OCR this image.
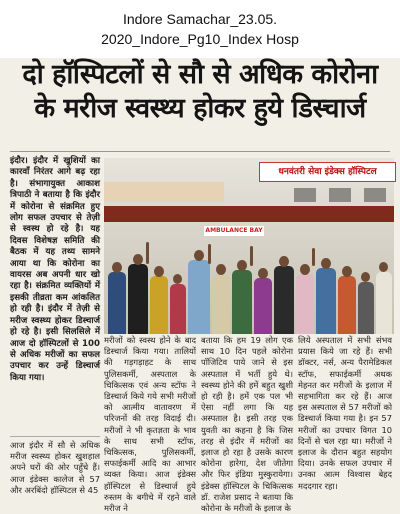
Indore Samachar_23.05.
2020_Indore_Pg10_Index Hosp
दो हॉस्पिटलों से सौ से अधिक कोरोना
के मरीज स्वस्थ्य होकर हुये डिस्चार्ज
इंदौर। इंदौर में खुशियों का कारवाँ निरंतर आगे बढ़ रहा है। संभागायुक्त आकाश त्रिपाठी ने बताया है कि इंदौर में कोरोना से संक्रमित हुए लोग सफल उपचार से तेज़ी से स्वस्थ हो रहे है। यह दिवस विशेषज्ञ समिति की बैठक में यह तथ्य सामने आया था कि कोरोना का वायरस अब अपनी धार खो रहा है। संक्रमित व्यक्तियों में इसकी तीव्रता कम आंकलित हो रही है। इंदौर में तेज़ी से मरीज स्वस्थ्य होकर डिस्चार्ज हो रहे है। इसी सिलसिले में आज दो हॉस्पिटलों से 100 से अधिक मरीजों का सफल उपचार कर उन्हें डिस्चार्ज किया गया।
धनवंतरी सेवा इंडेक्स हॉस्पिटल
AMBULANCE BAY
आज इंदौर में सौ से अधिक मरीज स्वस्थ्य होकर खुशहाल अपने घरों की ओर पहुँचे हैं। आज इंडेक्स कालेज से 57 और अरबिंदो हॉस्पिटल से 45
मरीजों को स्वस्थ होने के बाद डिस्चार्ज किया गया। तालियों की गड़गड़ाहट के साथ पुलिसकर्मी, अस्पताल के चिकित्सक एवं अन्य स्टॉफ ने डिस्चार्ज किये गये सभी मरीजों को आत्मीय वातावरण में परिजनों की तरह विदाई दी। मरीजों ने भी कृतज्ञता के भाव के साथ सभी स्टॉफ, चिकित्सक, पुलिसकर्मी, सफाईकर्मी आदि का आभार व्यक्त किया। आज इंडेक्स हॉस्पिटल से डिस्चार्ज हुये रुस्तम के बगीचे में रहने वाले मरीज ने
बताया कि हम 19 लोग एक साथ 10 दिन पहले कोरोना पॉजिटिव पाये जाने से इस अस्पताल में भर्ती हुये थे। स्वस्थ्य होने की हमें बहुत खुशी हो रही है। हमें एक पल भी ऐसा नहीं लगा कि यह अस्पताल है। इसी तरह एक युवती का कहना है कि जिस तरह से इंदौर में मरीजों का इलाज हो रहा है उसके कारण कोरोना हारेगा, देश जीतेगा और फिर इंडिया मुस्कुरायेगा। इंडेक्स हॉस्पिटल के चिकित्सक डॉ. राजेश प्रसाद ने बताया कि कोरोना के मरीजों के इलाज के
लिये अस्पताल में सभी संभव प्रयास किये जा रहे हैं। सभी डॉक्टर, नर्स, अन्य पैरामेडिकल स्टॉफ, सफाईकर्मी अथक मेहनत कर मरीजों के इलाज में सहभागिता कर रहे हैं। आज इस अस्पताल से 57 मरीजों को डिस्चार्ज किया गया है। इन 57 मरीजों का उपचार विगत 10 दिनों से चल रहा था। मरीजों ने इलाज के दौरान बहुत सहयोग दिया। उनके सफल उपचार में उनका आत्म विश्वास बेहद मददगार रहा।
